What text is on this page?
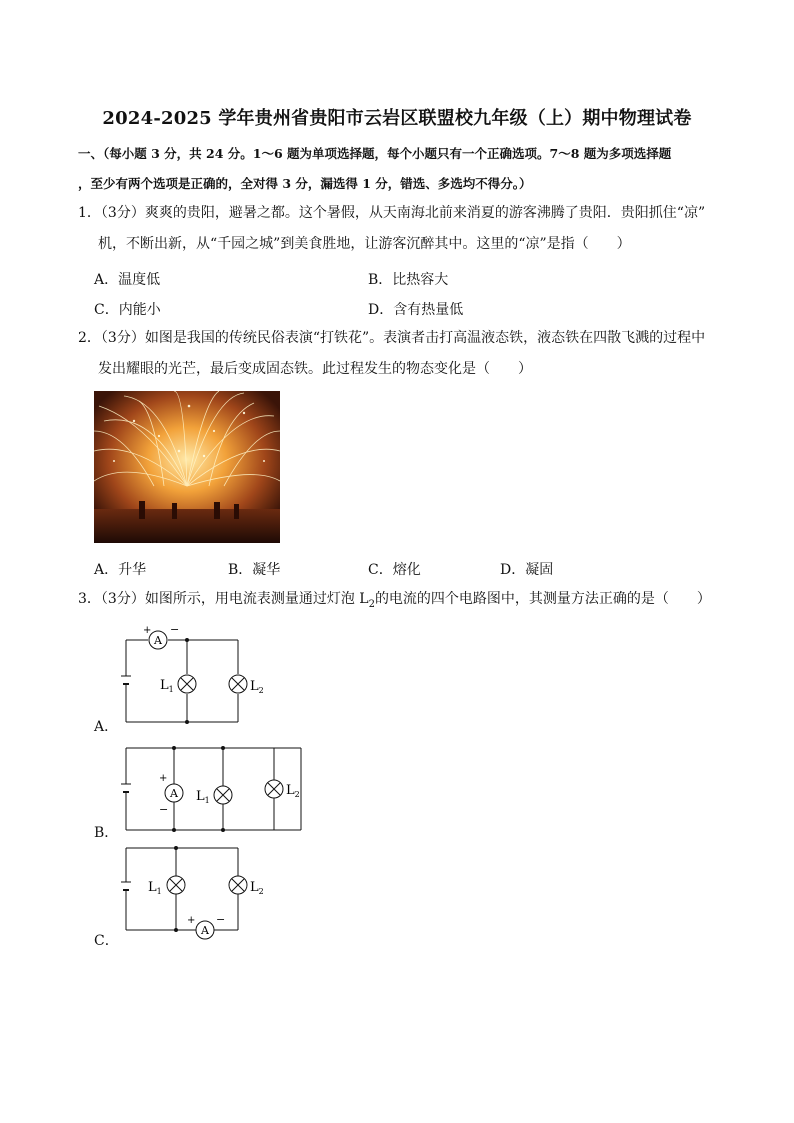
2024-2025 学年贵州省贵阳市云岩区联盟校九年级（上）期中物理试卷
一、（每小题 3 分，共 24 分。1～6 题为单项选择题，每个小题只有一个正确选项。7～8 题为多项选择题
，至少有两个选项是正确的，全对得 3 分，漏选得 1 分，错选、多选均不得分。）
1．（3分）爽爽的贵阳，避暑之都。这个暑假，从天南海北前来消夏的游客沸腾了贵阳．贵阳抓住“凉”
机，不断出新，从“千园之城”到美食胜地，让游客沉醉其中。这里的“凉”是指（　　）
A．温度低	B．比热容大
C．内能小	D．含有热量低
2．（3分）如图是我国的传统民俗表演“打铁花”。表演者击打高温液态铁，液态铁在四散飞溅的过程中
发出耀眼的光芒，最后变成固态铁。此过程发生的物态变化是（　　）
A．升华	B．凝华	C．熔化	D．凝固
3．（3分）如图所示，用电流表测量通过灯泡 $L_2$的电流的四个电路图中，其测量方法正确的是（　　）
A
+ −
$L_1$	$L_2$
A．
A
+
−
$L_1$
$L_2$
B．
A
+ −
$L_1$	$L_2$
C．
